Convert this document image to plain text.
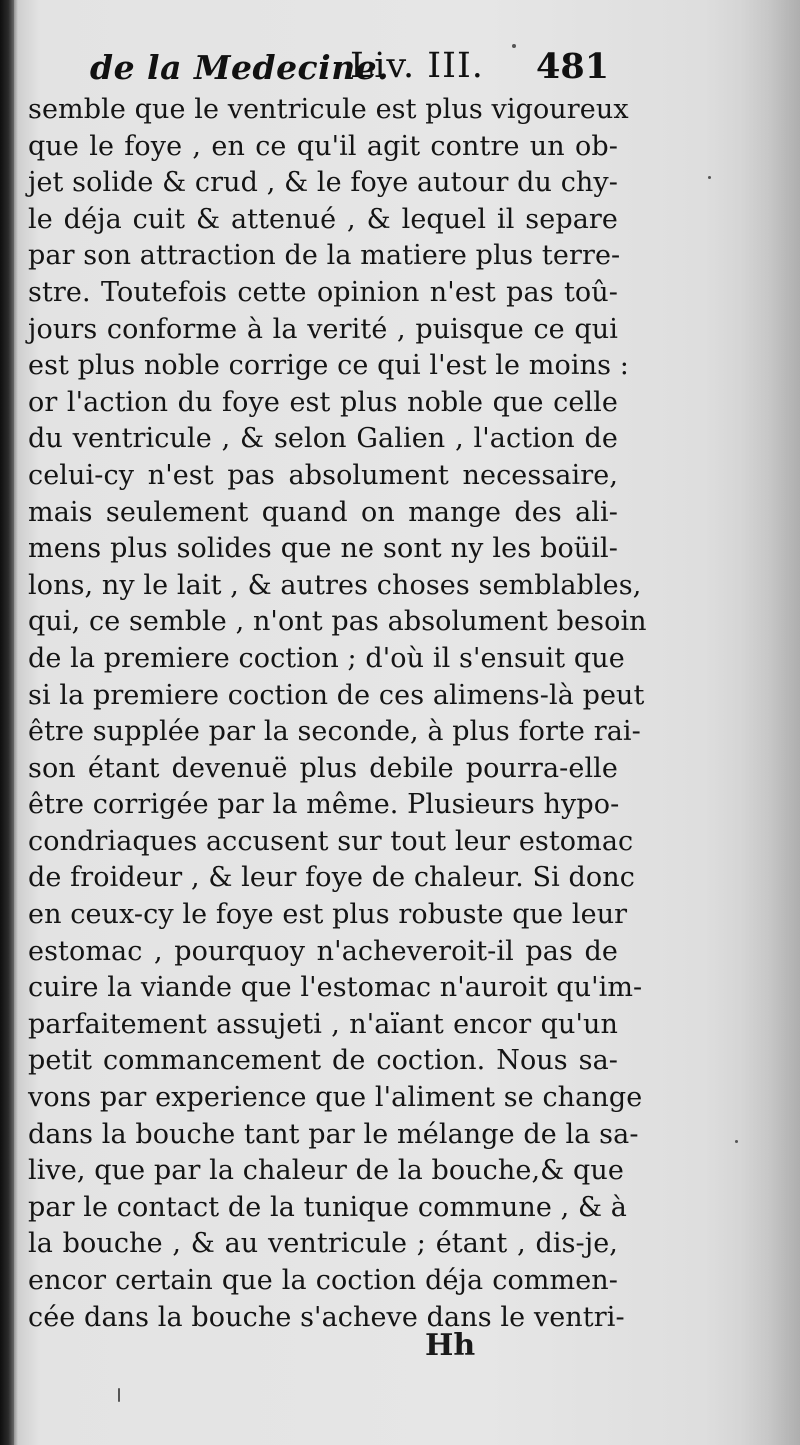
de la Medecine.
Liv. III. 481
semble que le ventricule est plus vigoureux
que le foye , en ce qu'il agit contre un ob-
jet solide & crud , & le foye autour du chy-
le déja cuit & attenué , & lequel il separe
par son attraction de la matiere plus terre-
stre. Toutefois cette opinion n'est pas toû-
jours conforme à la verité , puisque ce qui
est plus noble corrige ce qui l'est le moins :
or l'action du foye est plus noble que celle
du ventricule , & selon Galien , l'action de
celui-cy n'est pas absolument necessaire,
mais seulement quand on mange des ali-
mens plus solides que ne sont ny les boüil-
lons, ny le lait , & autres choses semblables,
qui, ce semble , n'ont pas absolument besoin
de la premiere coction ; d'où il s'ensuit que
si la premiere coction de ces alimens-là peut
être supplée par la seconde, à plus forte rai-
son étant devenuë plus debile pourra-elle
être corrigée par la même. Plusieurs hypo-
condriaques accusent sur tout leur estomac
de froideur , & leur foye de chaleur. Si donc
en ceux-cy le foye est plus robuste que leur
estomac , pourquoy n'acheveroit-il pas de
cuire la viande que l'estomac n'auroit qu'im-
parfaitement assujeti , n'aïant encor qu'un
petit commancement de coction. Nous sa-
vons par experience que l'aliment se change
dans la bouche tant par le mélange de la sa-
live, que par la chaleur de la bouche,& que
par le contact de la tunique commune , & à
la bouche , & au ventricule ; étant , dis-je,
encor certain que la coction déja commen-
cée dans la bouche s'acheve dans le ventri-
Hh
